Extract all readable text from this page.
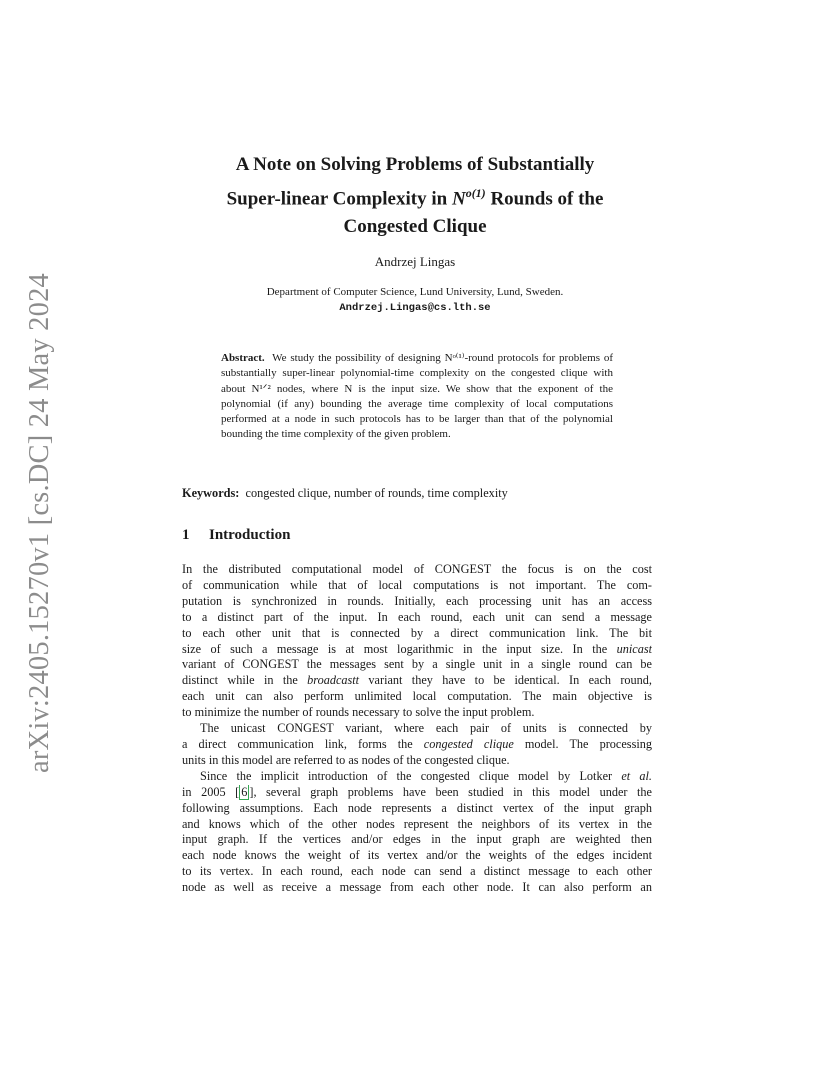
arXiv:2405.15270v1 [cs.DC] 24 May 2024
A Note on Solving Problems of Substantially
Super-linear Complexity in $N^{o(1)}$ Rounds of the
Congested Clique
Andrzej Lingas
Department of Computer Science, Lund University, Lund, Sweden.
Andrzej.Lingas@cs.lth.se
Abstract. We study the possibility of designing Nᵒ⁽¹⁾-round protocols for problems of substantially super-linear polynomial-time complexity on the congested clique with about N¹ᐟ² nodes, where N is the input size. We show that the exponent of the polynomial (if any) bounding the average time complexity of local computations performed at a node in such protocols has to be larger than that of the polynomial bounding the time complexity of the given problem.
Keywords: congested clique, number of rounds, time complexity
1 Introduction
In the distributed computational model of CONGEST the focus is on the cost
of communication while that of local computations is not important. The com-
putation is synchronized in rounds. Initially, each processing unit has an access
to a distinct part of the input. In each round, each unit can send a message
to each other unit that is connected by a direct communication link. The bit
size of such a message is at most logarithmic in the input size. In the unicast
variant of CONGEST the messages sent by a single unit in a single round can be
distinct while in the broadcastt variant they have to be identical. In each round,
each unit can also perform unlimited local computation. The main objective is
to minimize the number of rounds necessary to solve the input problem.
The unicast CONGEST variant, where each pair of units is connected by
a direct communication link, forms the congested clique model. The processing
units in this model are referred to as nodes of the congested clique.
Since the implicit introduction of the congested clique model by Lotker et al.
in 2005 [ 6 ], several graph problems have been studied in this model under the
following assumptions. Each node represents a distinct vertex of the input graph
and knows which of the other nodes represent the neighbors of its vertex in the
input graph. If the vertices and/or edges in the input graph are weighted then
each node knows the weight of its vertex and/or the weights of the edges incident
to its vertex. In each round, each node can send a distinct message to each other
node as well as receive a message from each other node. It can also perform an
